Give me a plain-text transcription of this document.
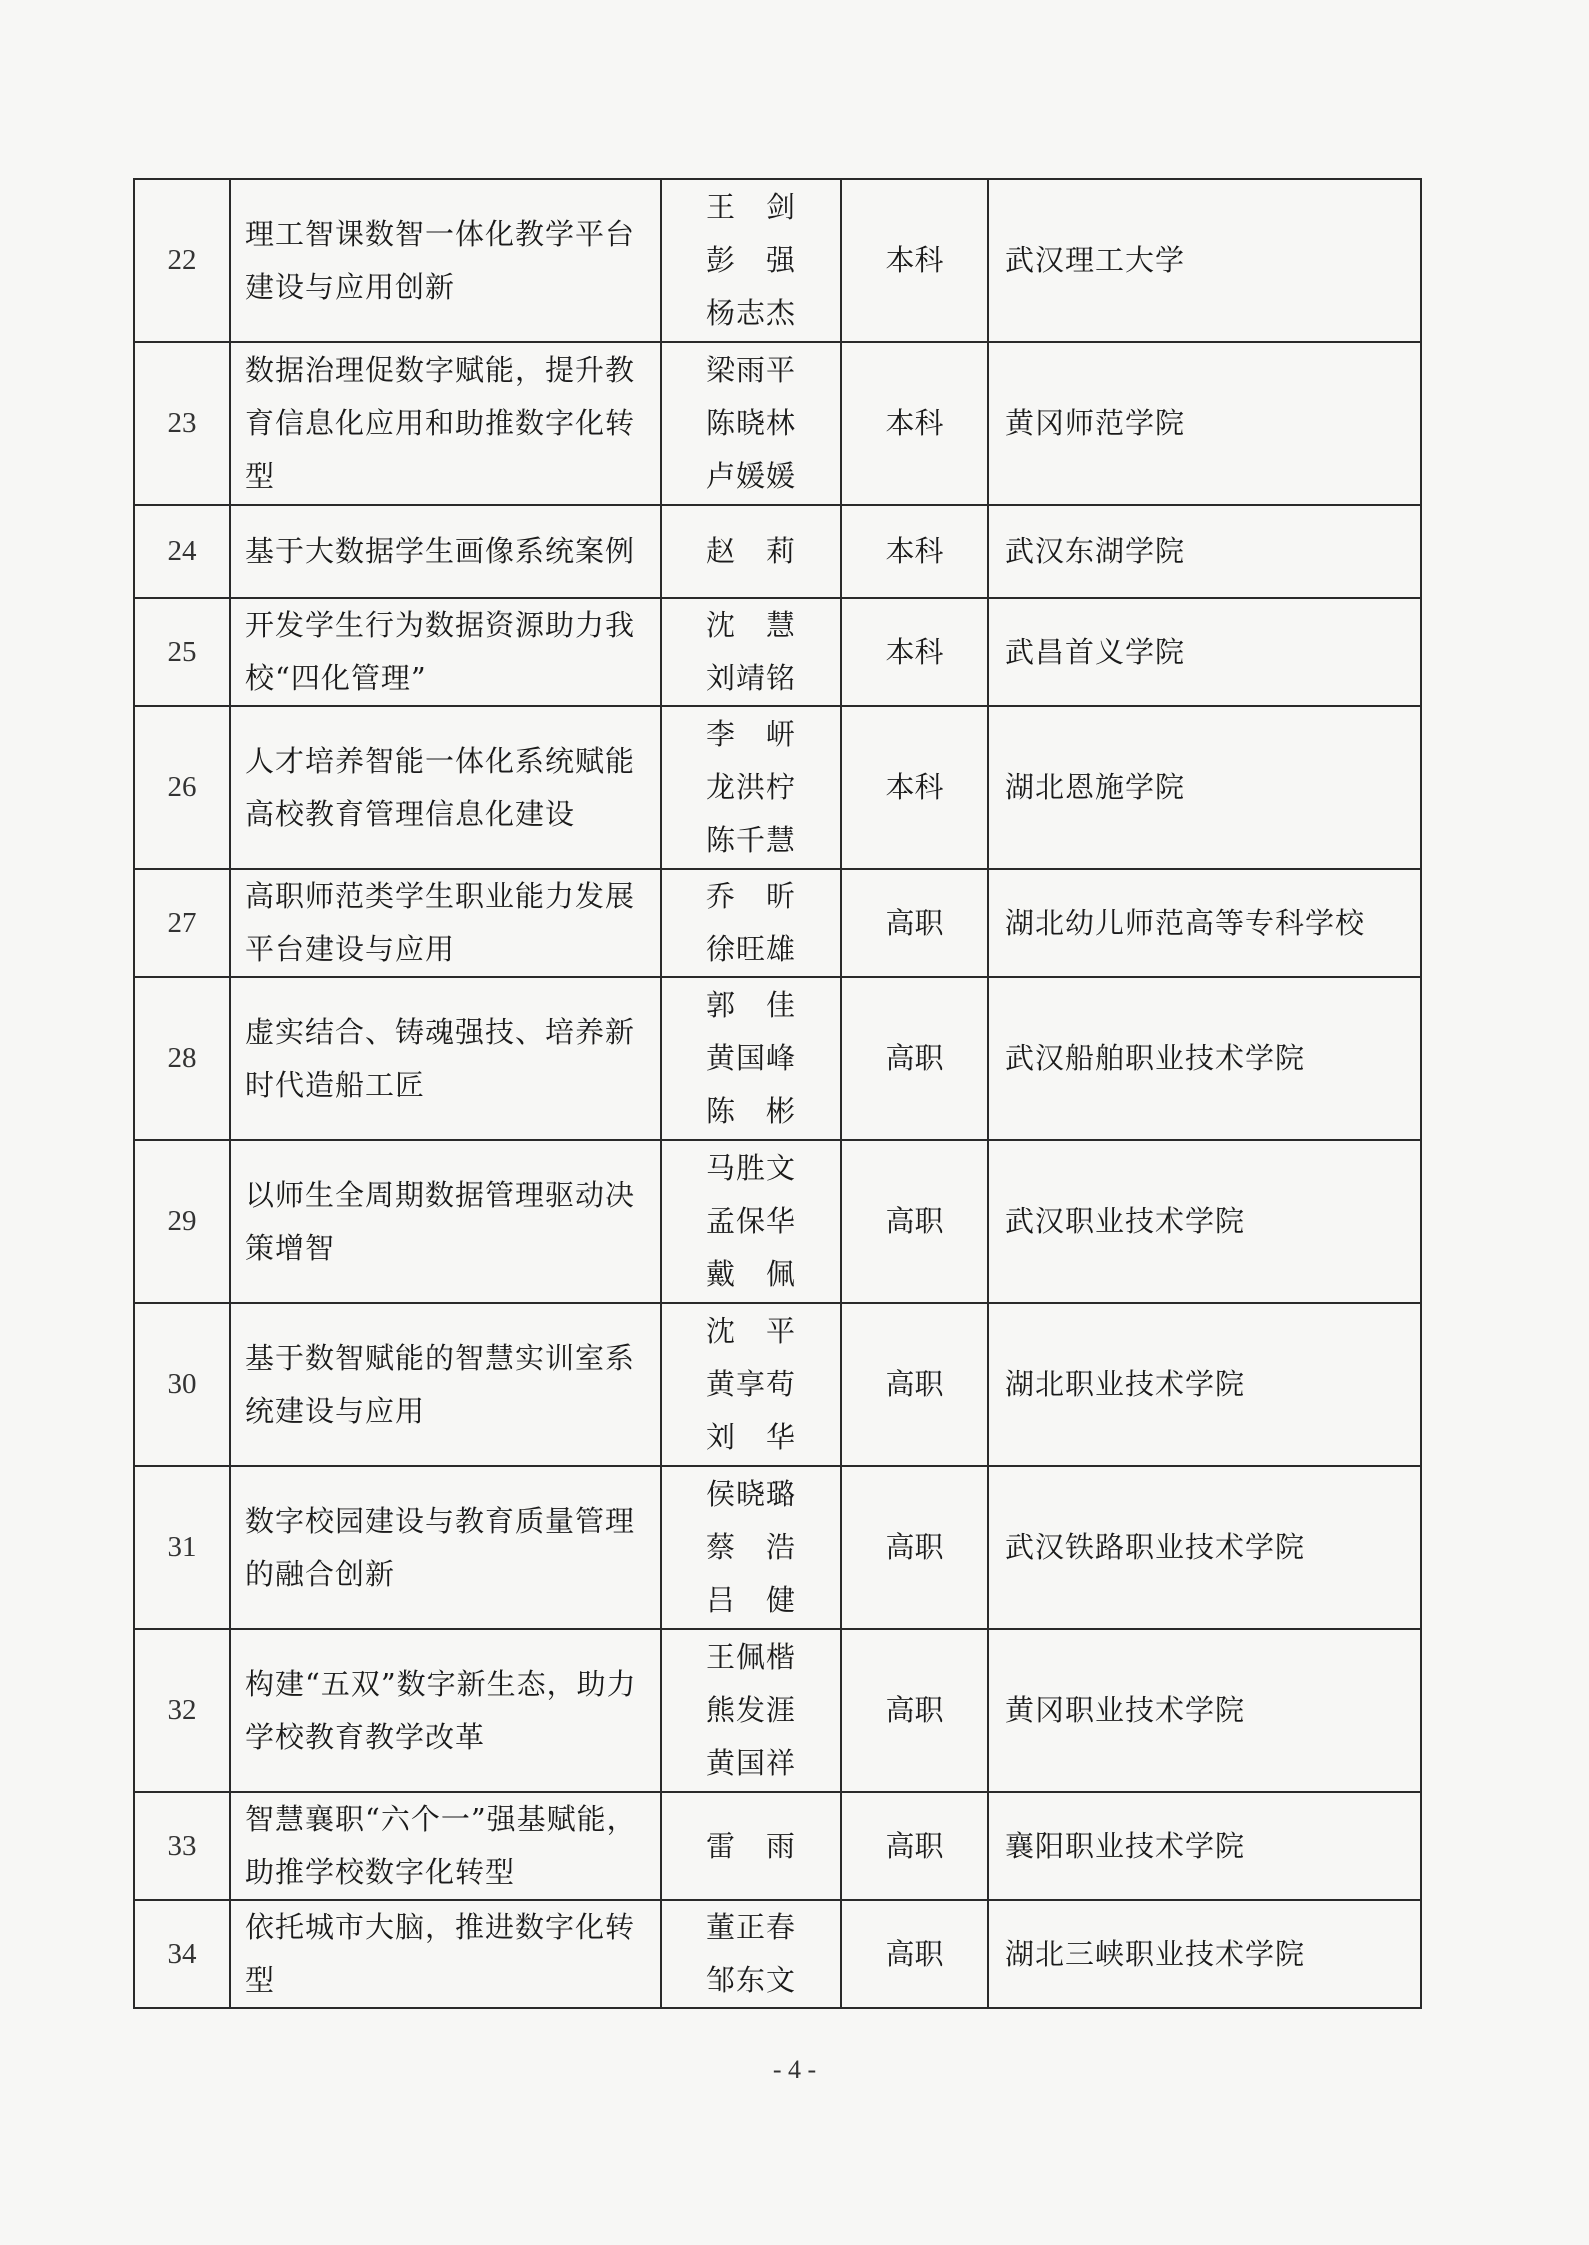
22	理工智课数智一体化教学平台建设与应用创新	王　剑
彭　强
杨志杰	本科	武汉理工大学
23	数据治理促数字赋能，提升教育信息化应用和助推数字化转型	梁雨平
陈晓林
卢媛媛	本科	黄冈师范学院
24	基于大数据学生画像系统案例	赵　莉	本科	武汉东湖学院
25	开发学生行为数据资源助力我校“四化管理”	沈　慧
刘靖铭	本科	武昌首义学院
26	人才培养智能一体化系统赋能高校教育管理信息化建设	李　岍
龙洪柠
陈千慧	本科	湖北恩施学院
27	高职师范类学生职业能力发展平台建设与应用	乔　昕
徐旺雄	高职	湖北幼儿师范高等专科学校
28	虚实结合、铸魂强技、培养新时代造船工匠	郭　佳
黄国峰
陈　彬	高职	武汉船舶职业技术学院
29	以师生全周期数据管理驱动决策增智	马胜文
孟保华
戴　佩	高职	武汉职业技术学院
30	基于数智赋能的智慧实训室系统建设与应用	沈　平
黄享苟
刘　华	高职	湖北职业技术学院
31	数字校园建设与教育质量管理的融合创新	侯晓璐
蔡　浩
吕　健	高职	武汉铁路职业技术学院
32	构建“五双”数字新生态，助力学校教育教学改革	王佩楷
熊发涯
黄国祥	高职	黄冈职业技术学院
33	智慧襄职“六个一”强基赋能，助推学校数字化转型	雷　雨	高职	襄阳职业技术学院
34	依托城市大脑，推进数字化转型	董正春
邹东文	高职	湖北三峡职业技术学院
- 4 -
